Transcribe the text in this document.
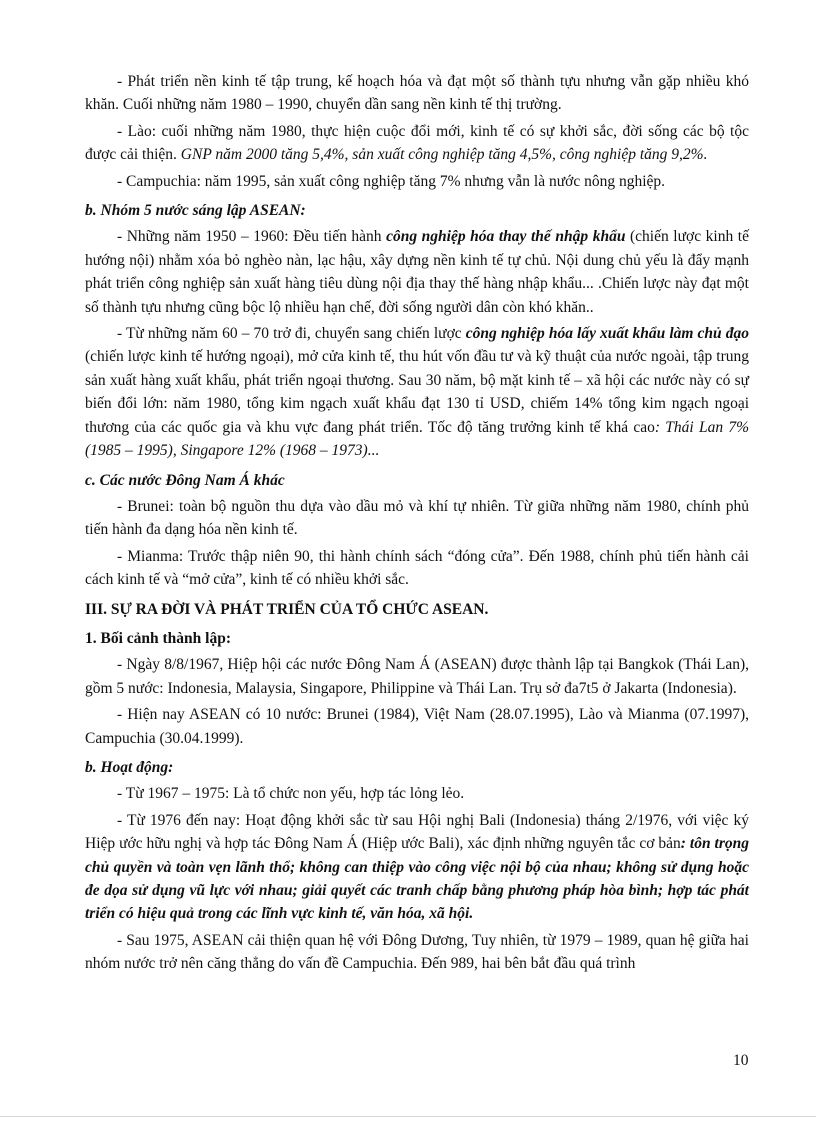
- Phát triển nền kinh tế tập trung, kế hoạch hóa và đạt một số thành tựu nhưng vẫn gặp nhiều khó khăn. Cuối những năm 1980 – 1990, chuyển dần sang nền kinh tế thị trường.

- Lào: cuối những năm 1980, thực hiện cuộc đổi mới, kinh tế có sự khởi sắc, đời sống các bộ tộc được cải thiện. GNP năm 2000 tăng 5,4%, sản xuất công nghiệp tăng 4,5%, công nghiệp tăng 9,2%.

- Campuchia: năm 1995, sản xuất công nghiệp tăng 7% nhưng vẫn là nước nông nghiệp.

b. Nhóm 5 nước sáng lập ASEAN:

- Những năm 1950 – 1960: Đều tiến hành công nghiệp hóa thay thế nhập khẩu (chiến lược kinh tế hướng nội) nhằm xóa bỏ nghèo nàn, lạc hậu, xây dựng nền kinh tế tự chủ. Nội dung chủ yếu là đẩy mạnh phát triển công nghiệp sản xuất hàng tiêu dùng nội địa thay thế hàng nhập khẩu... .Chiến lược này đạt một số thành tựu nhưng cũng bộc lộ nhiều hạn chế, đời sống người dân còn khó khăn..

- Từ những năm 60 – 70 trở đi, chuyển sang chiến lược công nghiệp hóa lấy xuất khẩu làm chủ đạo (chiến lược kinh tế hướng ngoại), mở cửa kinh tế, thu hút vốn đầu tư và kỹ thuật của nước ngoài, tập trung sản xuất hàng xuất khẩu, phát triển ngoại thương. Sau 30 năm, bộ mặt kinh tế – xã hội các nước này có sự biến đổi lớn: năm 1980, tổng kim ngạch xuất khẩu đạt 130 tỉ USD, chiếm 14% tổng kim ngạch ngoại thương của các quốc gia và khu vực đang phát triển. Tốc độ tăng trưởng kinh tế khá cao: Thái Lan 7% (1985 – 1995), Singapore 12% (1968 – 1973)...

c. Các nước Đông Nam Á khác

- Brunei: toàn bộ nguồn thu dựa vào dầu mỏ và khí tự nhiên. Từ giữa những năm 1980, chính phủ tiến hành đa dạng hóa nền kinh tế.

- Mianma: Trước thập niên 90, thi hành chính sách “đóng cửa”. Đến 1988, chính phủ tiến hành cải cách kinh tế và “mở cửa”, kinh tế có nhiều khởi sắc.

III. SỰ RA ĐỜI VÀ PHÁT TRIỂN CỦA TỔ CHỨC ASEAN.

1. Bối cảnh thành lập:

- Ngày 8/8/1967, Hiệp hội các nước Đông Nam Á (ASEAN) được thành lập tại Bangkok (Thái Lan), gồm 5 nước: Indonesia, Malaysia, Singapore, Philippine và Thái Lan. Trụ sở đa7t5 ở Jakarta (Indonesia).

- Hiện nay ASEAN có 10 nước: Brunei (1984), Việt Nam (28.07.1995), Lào và Mianma (07.1997), Campuchia (30.04.1999).

b. Hoạt động:

- Từ 1967 – 1975: Là tổ chức non yếu, hợp tác lỏng lẻo.

- Từ 1976 đến nay: Hoạt động khởi sắc từ sau Hội nghị Bali (Indonesia) tháng 2/1976, với việc ký Hiệp ước hữu nghị và hợp tác Đông Nam Á (Hiệp ước Bali), xác định những nguyên tắc cơ bản: tôn trọng chủ quyền và toàn vẹn lãnh thổ; không can thiệp vào công việc nội bộ của nhau; không sử dụng hoặc đe dọa sử dụng vũ lực với nhau; giải quyết các tranh chấp bằng phương pháp hòa bình; hợp tác phát triển có hiệu quả trong các lĩnh vực kinh tế, văn hóa, xã hội.

- Sau 1975, ASEAN cải thiện quan hệ với Đông Dương, Tuy nhiên, từ 1979 – 1989, quan hệ giữa hai nhóm nước trở nên căng thẳng do vấn đề Campuchia. Đến 989, hai bên bắt đầu quá trình

10
